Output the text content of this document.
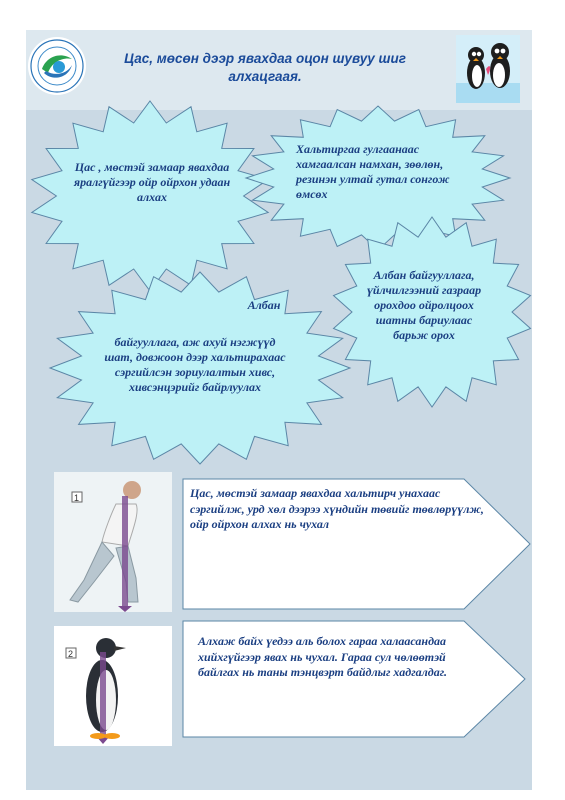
Цас, мөсөн дээр явахдаа оцон шувуу шиг алхацгаая.
Цас , мөстэй замаар явахдаа яралгүйгээр ойр ойрхон удаан алхах
Хальтиргаа гулгаанаас хамгаалсан намхан, зөөлөн, резинэн ултай гутал сонгож өмсөх
Албан байгууллага, үйлчилгээний газраар орохдоо ойролцоох шатны бариулаас барьж орох
Албан
байгууллага, аж ахуй нэгжүүд шат, довжоон дээр хальтирахаас сэргийлсэн зориулалтын хивс, хивсэнцэрийг байрлуулах
1
2
Цас, мөстэй замаар явахдаа хальтирч унахаас сэргийлж, урд хөл дээрээ хүндийн төвийг төвлөрүүлж, ойр ойрхон алхах нь чухал
Алхаж байх үедээ аль болох гараа халаасандаа хийхгүйгээр явах нь чухал. Гараа сул чөлөөтэй байлгах нь таны тэнцвэрт байдлыг хадгалдаг.
